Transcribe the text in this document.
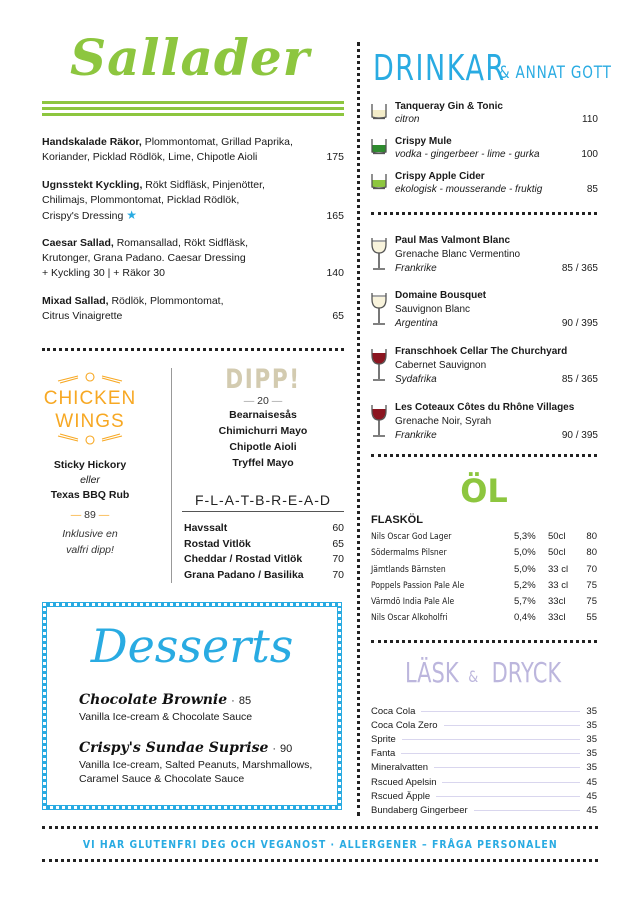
Sallader
Handskalade Räkor, Plommontomat, Grillad Paprika,
Koriander, Picklad Rödlök, Lime, Chipotle Aioli	175
Ugnsstekt Kyckling, Rökt Sidfläsk, Pinjenötter,
Chilimajs, Plommontomat, Picklad Rödlök,
Crispy's Dressing ★	165
Caesar Sallad, Romansallad, Rökt Sidfläsk,
Krutonger, Grana Padano. Caesar Dressing
+ Kyckling 30 | + Räkor 30	140
Mixad Sallad, Rödlök, Plommontomat,
Citrus Vinaigrette	65
CHICKEN
WINGS
Sticky Hickory
eller
Texas BBQ Rub
— 89 —
Inklusive en
valfri dipp!
DIPP!
— 20 —
Bearnaisesås
Chimichurri Mayo
Chipotle Aioli
Tryffel Mayo
F-L-A-T-B-R-E-A-D
Havssalt	60
Rostad Vitlök	65
Cheddar / Rostad Vitlök	70
Grana Padano / Basilika	70
Desserts
Chocolate Brownie · 85
Vanilla Ice-cream & Chocolate Sauce
Crispy's Sundae Suprise · 90
Vanilla Ice-cream, Salted Peanuts, Marshmallows,
Caramel Sauce & Chocolate Sauce
DRINKAR
& ANNAT GOTT
Tanqueray Gin & Tonic
citron	110
Crispy Mule
vodka - gingerbeer - lime - gurka	100
Crispy Apple Cider
ekologisk - mousserande - fruktig	85
Paul Mas Valmont Blanc
Grenache Blanc Vermentino
Frankrike	85 / 365
Domaine Bousquet
Sauvignon Blanc
Argentina	90 / 395
Franschhoek Cellar The Churchyard
Cabernet Sauvignon
Sydafrika	85 / 365
Les Coteaux Côtes du Rhône Villages
Grenache Noir, Syrah
Frankrike	90 / 395
ÖL
FLASKÖL
Nils Oscar God Lager	5,3%	50cl	80
Södermalms Pilsner	5,0%	50cl	80
Jämtlands Bärnsten	5,0%	33 cl	70
Poppels Passion Pale Ale	5,2%	33 cl	75
Värmdö India Pale Ale	5,7%	33cl	75
Nils Oscar Alkoholfri	0,4%	33cl	55
LÄSK & DRYCK
Coca Cola	35
Coca Cola Zero	35
Sprite	35
Fanta	35
Mineralvatten	35
Rscued Apelsin	45
Rscued Äpple	45
Bundaberg Gingerbeer	45
VI HAR GLUTENFRI DEG OCH VEGANOST · ALLERGENER – FRÅGA PERSONALEN
